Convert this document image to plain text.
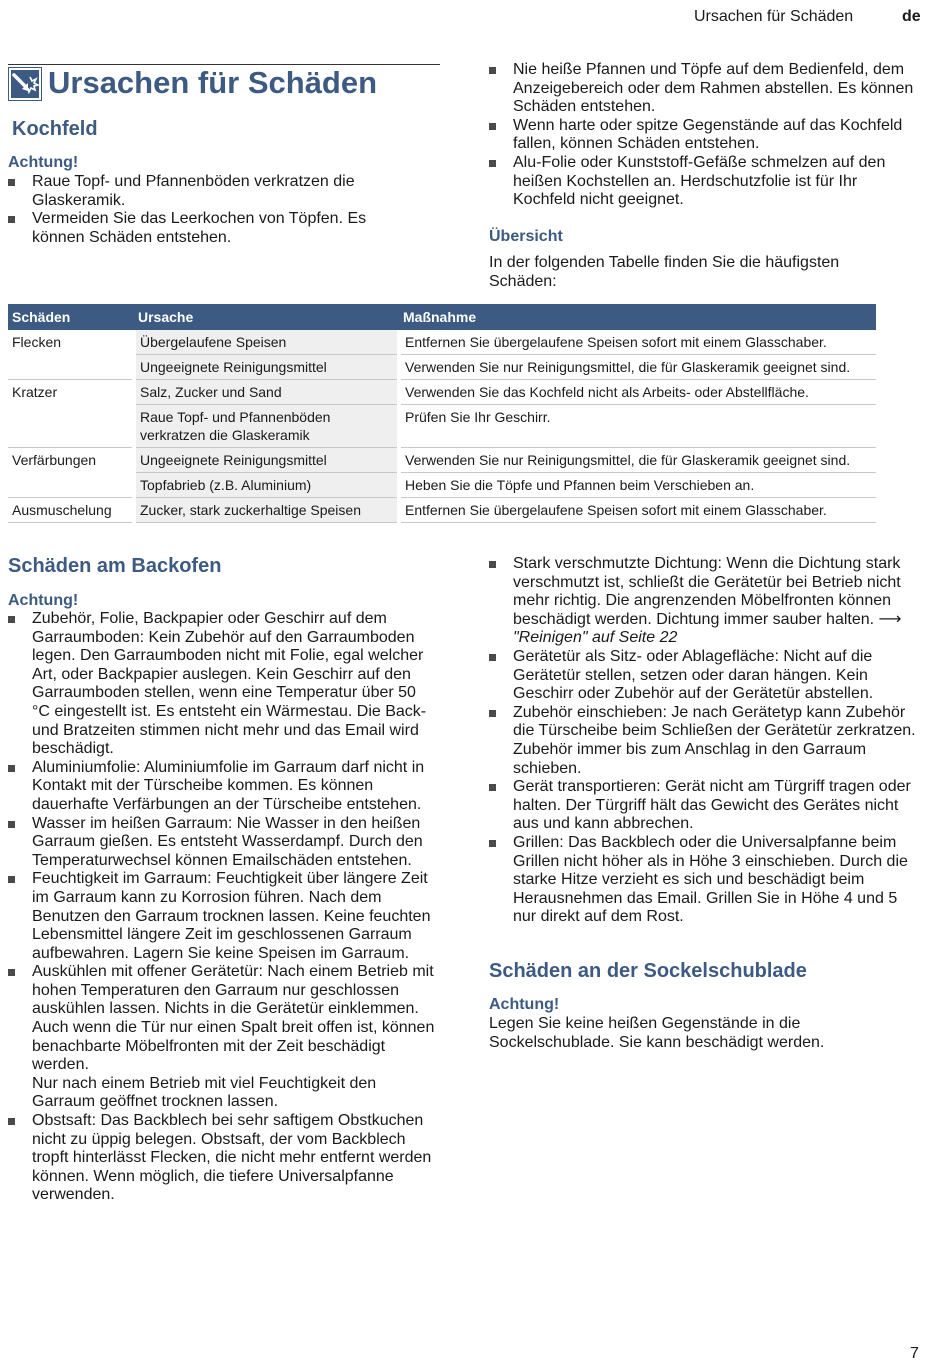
Ursachen für Schäden	de
Ursachen für Schäden
Kochfeld
Achtung!
Raue Topf- und Pfannenböden verkratzen die Glaskeramik.
Vermeiden Sie das Leerkochen von Töpfen. Es können Schäden entstehen.
Nie heiße Pfannen und Töpfe auf dem Bedienfeld, dem Anzeigebereich oder dem Rahmen abstellen. Es können Schäden entstehen.
Wenn harte oder spitze Gegenstände auf das Kochfeld fallen, können Schäden entstehen.
Alu-Folie oder Kunststoff-Gefäße schmelzen auf den heißen Kochstellen an. Herdschutzfolie ist für Ihr Kochfeld nicht geeignet.
Übersicht
In der folgenden Tabelle finden Sie die häufigsten Schäden:
Schäden	Ursache	Maßnahme
Flecken	Übergelaufene Speisen	Entfernen Sie übergelaufene Speisen sofort mit einem Glasschaber.
	Ungeeignete Reinigungsmittel	Verwenden Sie nur Reinigungsmittel, die für Glaskeramik geeignet sind.
Kratzer	Salz, Zucker und Sand	Verwenden Sie das Kochfeld nicht als Arbeits- oder Abstellfläche.
	Raue Topf- und Pfannenböden verkratzen die Glaskeramik	Prüfen Sie Ihr Geschirr.
Verfärbungen	Ungeeignete Reinigungsmittel	Verwenden Sie nur Reinigungsmittel, die für Glaskeramik geeignet sind.
	Topfabrieb (z.B. Aluminium)	Heben Sie die Töpfe und Pfannen beim Verschieben an.
Ausmuschelung	Zucker, stark zuckerhaltige Speisen	Entfernen Sie übergelaufene Speisen sofort mit einem Glasschaber.
Schäden am Backofen
Achtung!
Zubehör, Folie, Backpapier oder Geschirr auf dem Garraumboden: Kein Zubehör auf den Garraumboden legen. Den Garraumboden nicht mit Folie, egal welcher Art, oder Backpapier auslegen. Kein Geschirr auf den Garraumboden stellen, wenn eine Temperatur über 50 °C eingestellt ist. Es entsteht ein Wärmestau. Die Back- und Bratzeiten stimmen nicht mehr und das Email wird beschädigt.
Aluminiumfolie: Aluminiumfolie im Garraum darf nicht in Kontakt mit der Türscheibe kommen. Es können dauerhafte Verfärbungen an der Türscheibe entstehen.
Wasser im heißen Garraum: Nie Wasser in den heißen Garraum gießen. Es entsteht Wasserdampf. Durch den Temperaturwechsel können Emailschäden entstehen.
Feuchtigkeit im Garraum: Feuchtigkeit über längere Zeit im Garraum kann zu Korrosion führen. Nach dem Benutzen den Garraum trocknen lassen. Keine feuchten Lebensmittel längere Zeit im geschlossenen Garraum aufbewahren. Lagern Sie keine Speisen im Garraum.
Auskühlen mit offener Gerätetür: Nach einem Betrieb mit hohen Temperaturen den Garraum nur geschlossen auskühlen lassen. Nichts in die Gerätetür einklemmen. Auch wenn die Tür nur einen Spalt breit offen ist, können benachbarte Möbelfronten mit der Zeit beschädigt werden.
Nur nach einem Betrieb mit viel Feuchtigkeit den Garraum geöffnet trocknen lassen.
Obstsaft: Das Backblech bei sehr saftigem Obstkuchen nicht zu üppig belegen. Obstsaft, der vom Backblech tropft hinterlässt Flecken, die nicht mehr entfernt werden können. Wenn möglich, die tiefere Universalpfanne verwenden.
Stark verschmutzte Dichtung: Wenn die Dichtung stark verschmutzt ist, schließt die Gerätetür bei Betrieb nicht mehr richtig. Die angrenzenden Möbelfronten können beschädigt werden. Dichtung immer sauber halten. ⟶ "Reinigen" auf Seite 22
Gerätetür als Sitz- oder Ablagefläche: Nicht auf die Gerätetür stellen, setzen oder daran hängen. Kein Geschirr oder Zubehör auf der Gerätetür abstellen.
Zubehör einschieben: Je nach Gerätetyp kann Zubehör die Türscheibe beim Schließen der Gerätetür zerkratzen. Zubehör immer bis zum Anschlag in den Garraum schieben.
Gerät transportieren: Gerät nicht am Türgriff tragen oder halten. Der Türgriff hält das Gewicht des Gerätes nicht aus und kann abbrechen.
Grillen: Das Backblech oder die Universalpfanne beim Grillen nicht höher als in Höhe 3 einschieben. Durch die starke Hitze verzieht es sich und beschädigt beim Herausnehmen das Email. Grillen Sie in Höhe 4 und 5 nur direkt auf dem Rost.
Schäden an der Sockelschublade
Achtung!
Legen Sie keine heißen Gegenstände in die Sockelschublade. Sie kann beschädigt werden.
7
